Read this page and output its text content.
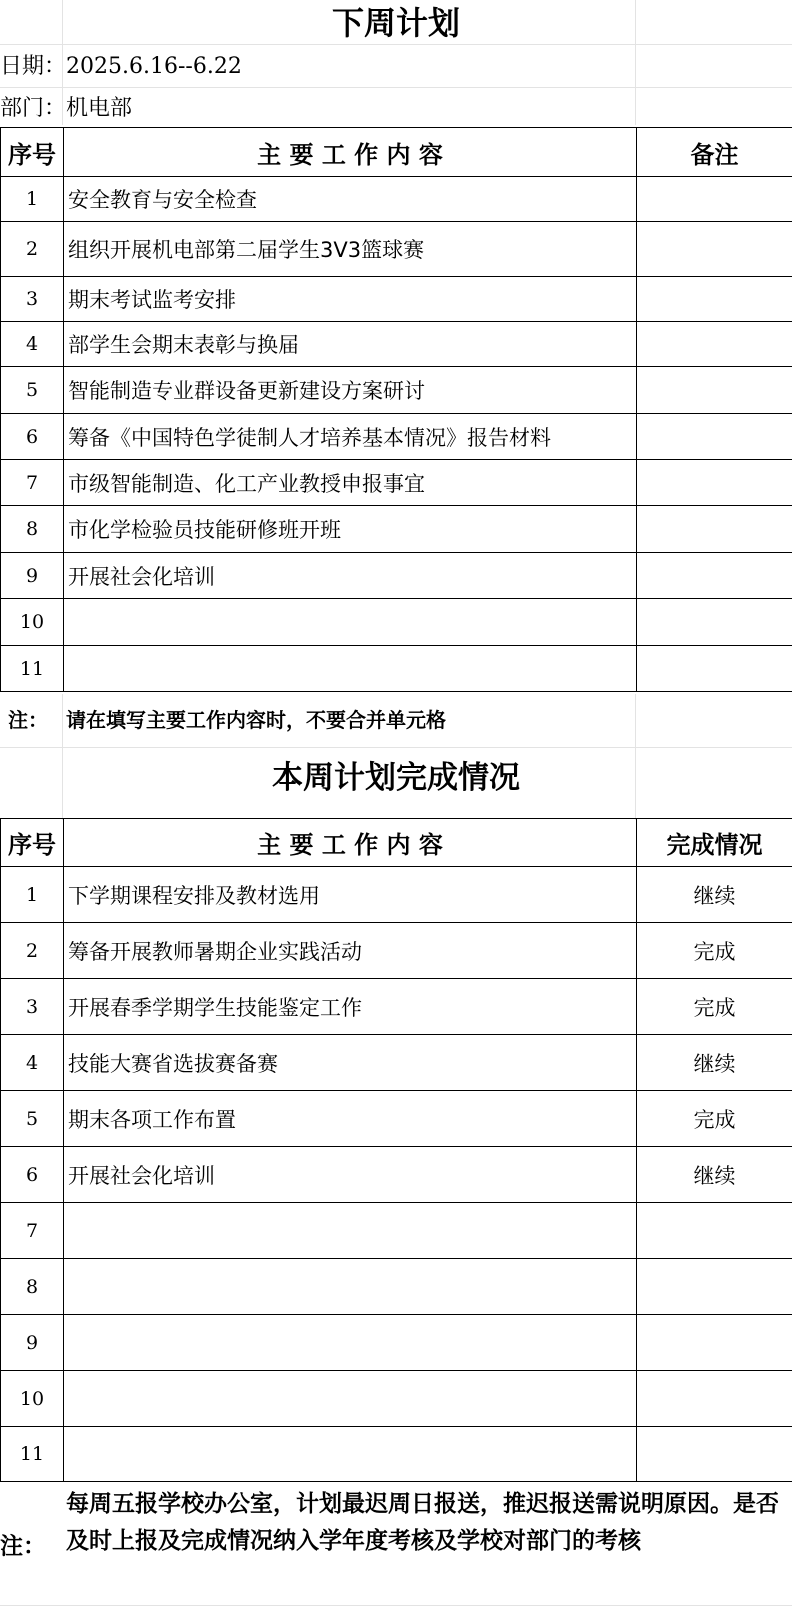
下周计划
日期：2025.6.16--6.22
部门：机电部
序号	主 要 工 作 内 容	备注
1	安全教育与安全检查	
2	组织开展机电部第二届学生3V3篮球赛	
3	期末考试监考安排	
4	部学生会期末表彰与换届	
5	智能制造专业群设备更新建设方案研讨	
6	筹备《中国特色学徒制人才培养基本情况》报告材料	
7	市级智能制造、化工产业教授申报事宜	
8	市化学检验员技能研修班开班	
9	开展社会化培训	
10		
11		
注： 请在填写主要工作内容时，不要合并单元格
本周计划完成情况
序号	主 要 工 作 内 容	完成情况
1	下学期课程安排及教材选用	继续
2	筹备开展教师暑期企业实践活动	完成
3	开展春季学期学生技能鉴定工作	完成
4	技能大赛省选拔赛备赛	继续
5	期末各项工作布置	完成
6	开展社会化培训	继续
7		
8		
9		
10		
11		
注：
每周五报学校办公室，计划最迟周日报送，推迟报送需说明原因。是否及时上报及完成情况纳入学年度考核及学校对部门的考核
